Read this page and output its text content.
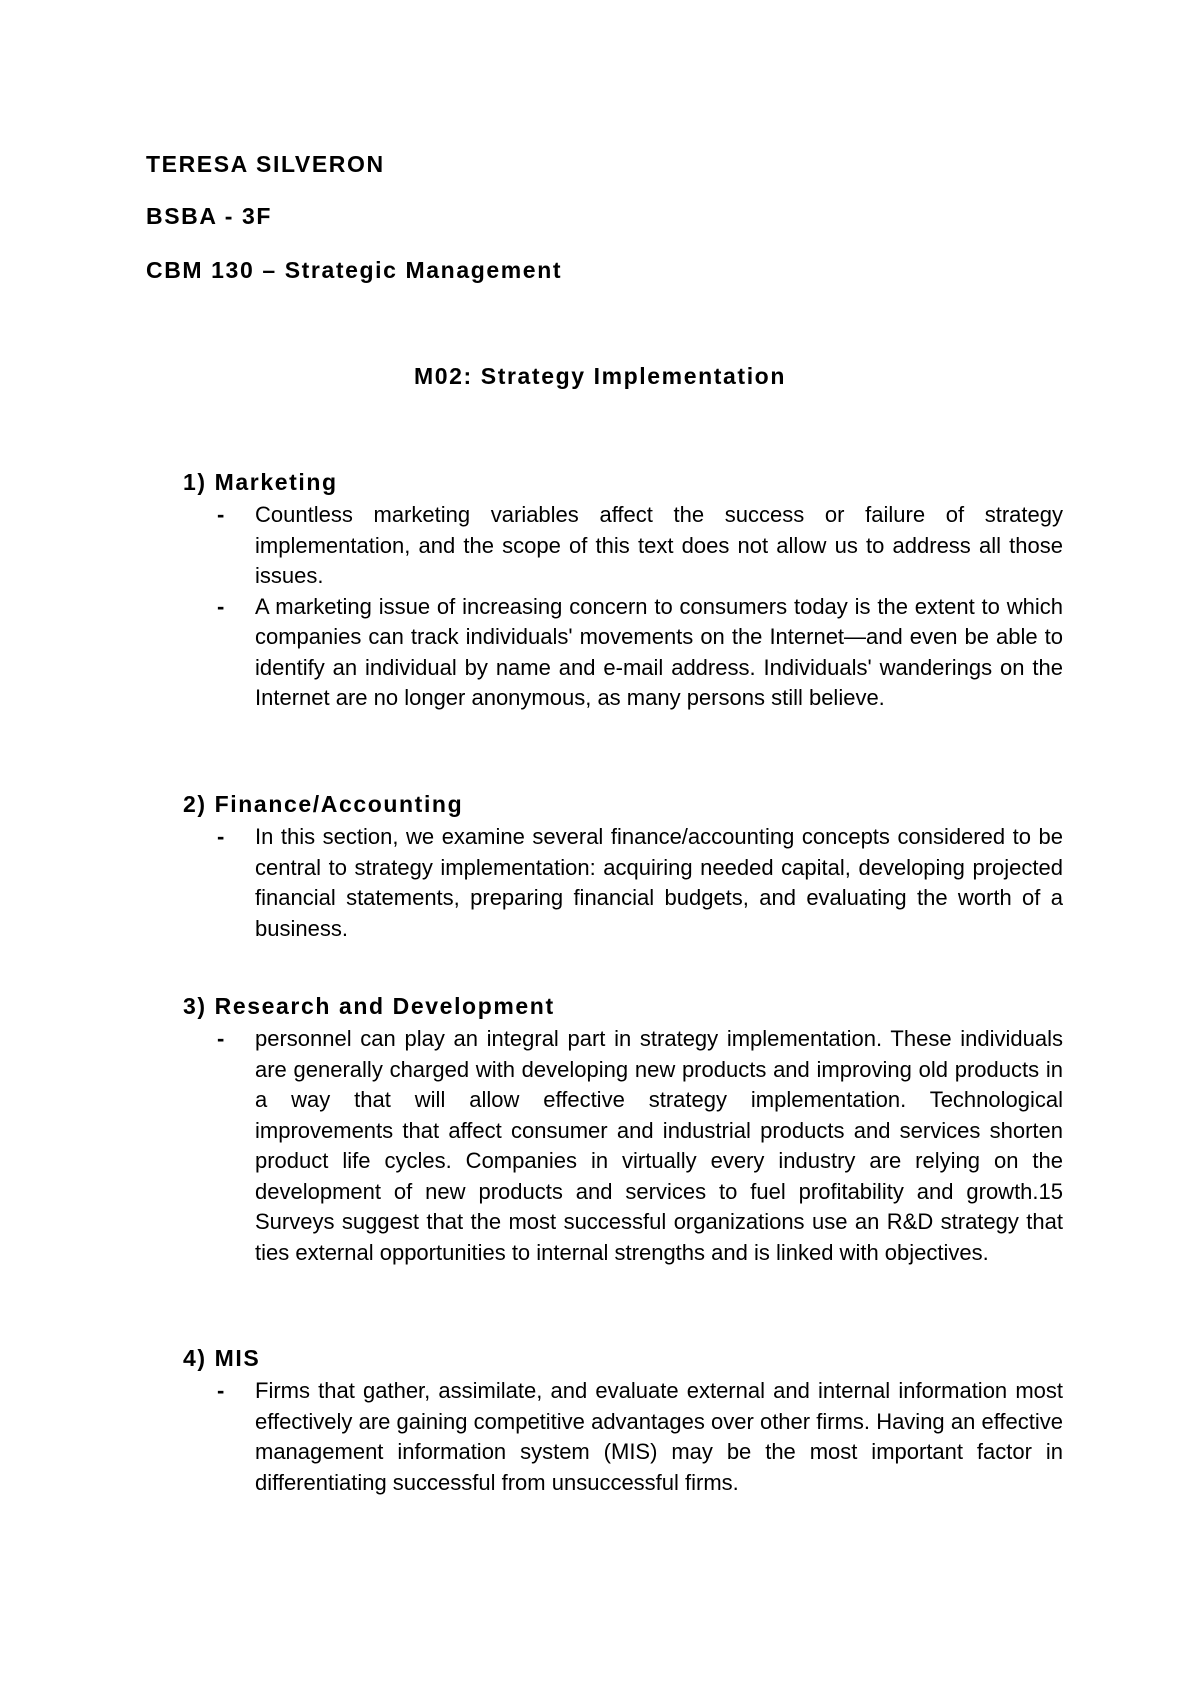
TERESA SILVERON
BSBA - 3F
CBM 130 – Strategic Management
M02: Strategy Implementation
1) Marketing
- Countless marketing variables affect the success or failure of strategy implementation, and the scope of this text does not allow us to address all those issues.
- A marketing issue of increasing concern to consumers today is the extent to which companies can track individuals' movements on the Internet—and even be able to identify an individual by name and e-mail address. Individuals' wanderings on the Internet are no longer anonymous, as many persons still believe.
2) Finance/Accounting
- In this section, we examine several finance/accounting concepts considered to be central to strategy implementation: acquiring needed capital, developing projected financial statements, preparing financial budgets, and evaluating the worth of a business.
3) Research and Development
- personnel can play an integral part in strategy implementation. These individuals are generally charged with developing new products and improving old products in a way that will allow effective strategy implementation. Technological improvements that affect consumer and industrial products and services shorten product life cycles. Companies in virtually every industry are relying on the development of new products and services to fuel profitability and growth.15 Surveys suggest that the most successful organizations use an R&D strategy that ties external opportunities to internal strengths and is linked with objectives.
4) MIS
- Firms that gather, assimilate, and evaluate external and internal information most effectively are gaining competitive advantages over other firms. Having an effective management information system (MIS) may be the most important factor in differentiating successful from unsuccessful firms.
